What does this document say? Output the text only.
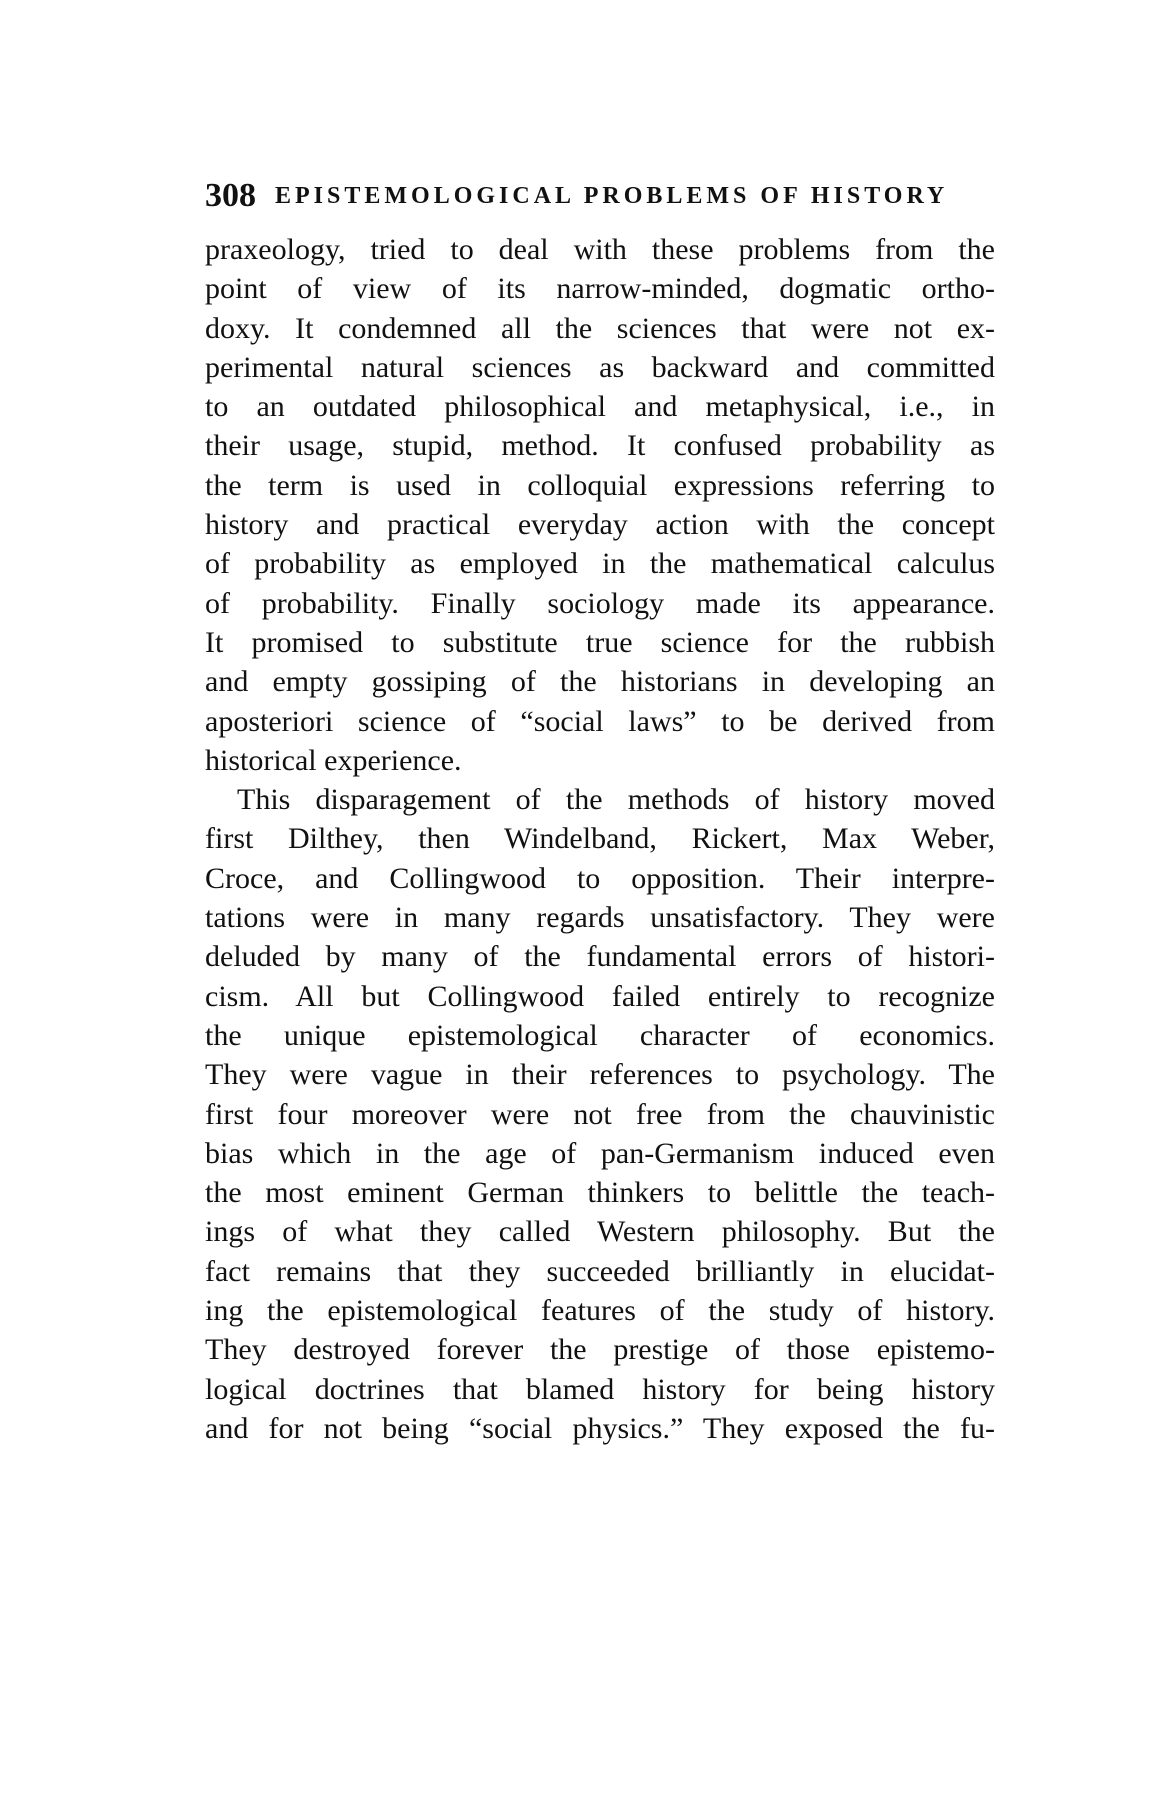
308 EPISTEMOLOGICAL PROBLEMS OF HISTORY
praxeology, tried to deal with these problems from the
point of view of its narrow-minded, dogmatic ortho-
doxy. It condemned all the sciences that were not ex-
perimental natural sciences as backward and committed
to an outdated philosophical and metaphysical, i.e., in
their usage, stupid, method. It confused probability as
the term is used in colloquial expressions referring to
history and practical everyday action with the concept
of probability as employed in the mathematical calculus
of probability. Finally sociology made its appearance.
It promised to substitute true science for the rubbish
and empty gossiping of the historians in developing an
aposteriori science of “social laws” to be derived from
historical experience.
This disparagement of the methods of history moved
first Dilthey, then Windelband, Rickert, Max Weber,
Croce, and Collingwood to opposition. Their interpre-
tations were in many regards unsatisfactory. They were
deluded by many of the fundamental errors of histori-
cism. All but Collingwood failed entirely to recognize
the unique epistemological character of economics.
They were vague in their references to psychology. The
first four moreover were not free from the chauvinistic
bias which in the age of pan-Germanism induced even
the most eminent German thinkers to belittle the teach-
ings of what they called Western philosophy. But the
fact remains that they succeeded brilliantly in elucidat-
ing the epistemological features of the study of history.
They destroyed forever the prestige of those epistemo-
logical doctrines that blamed history for being history
and for not being “social physics.” They exposed the fu-
